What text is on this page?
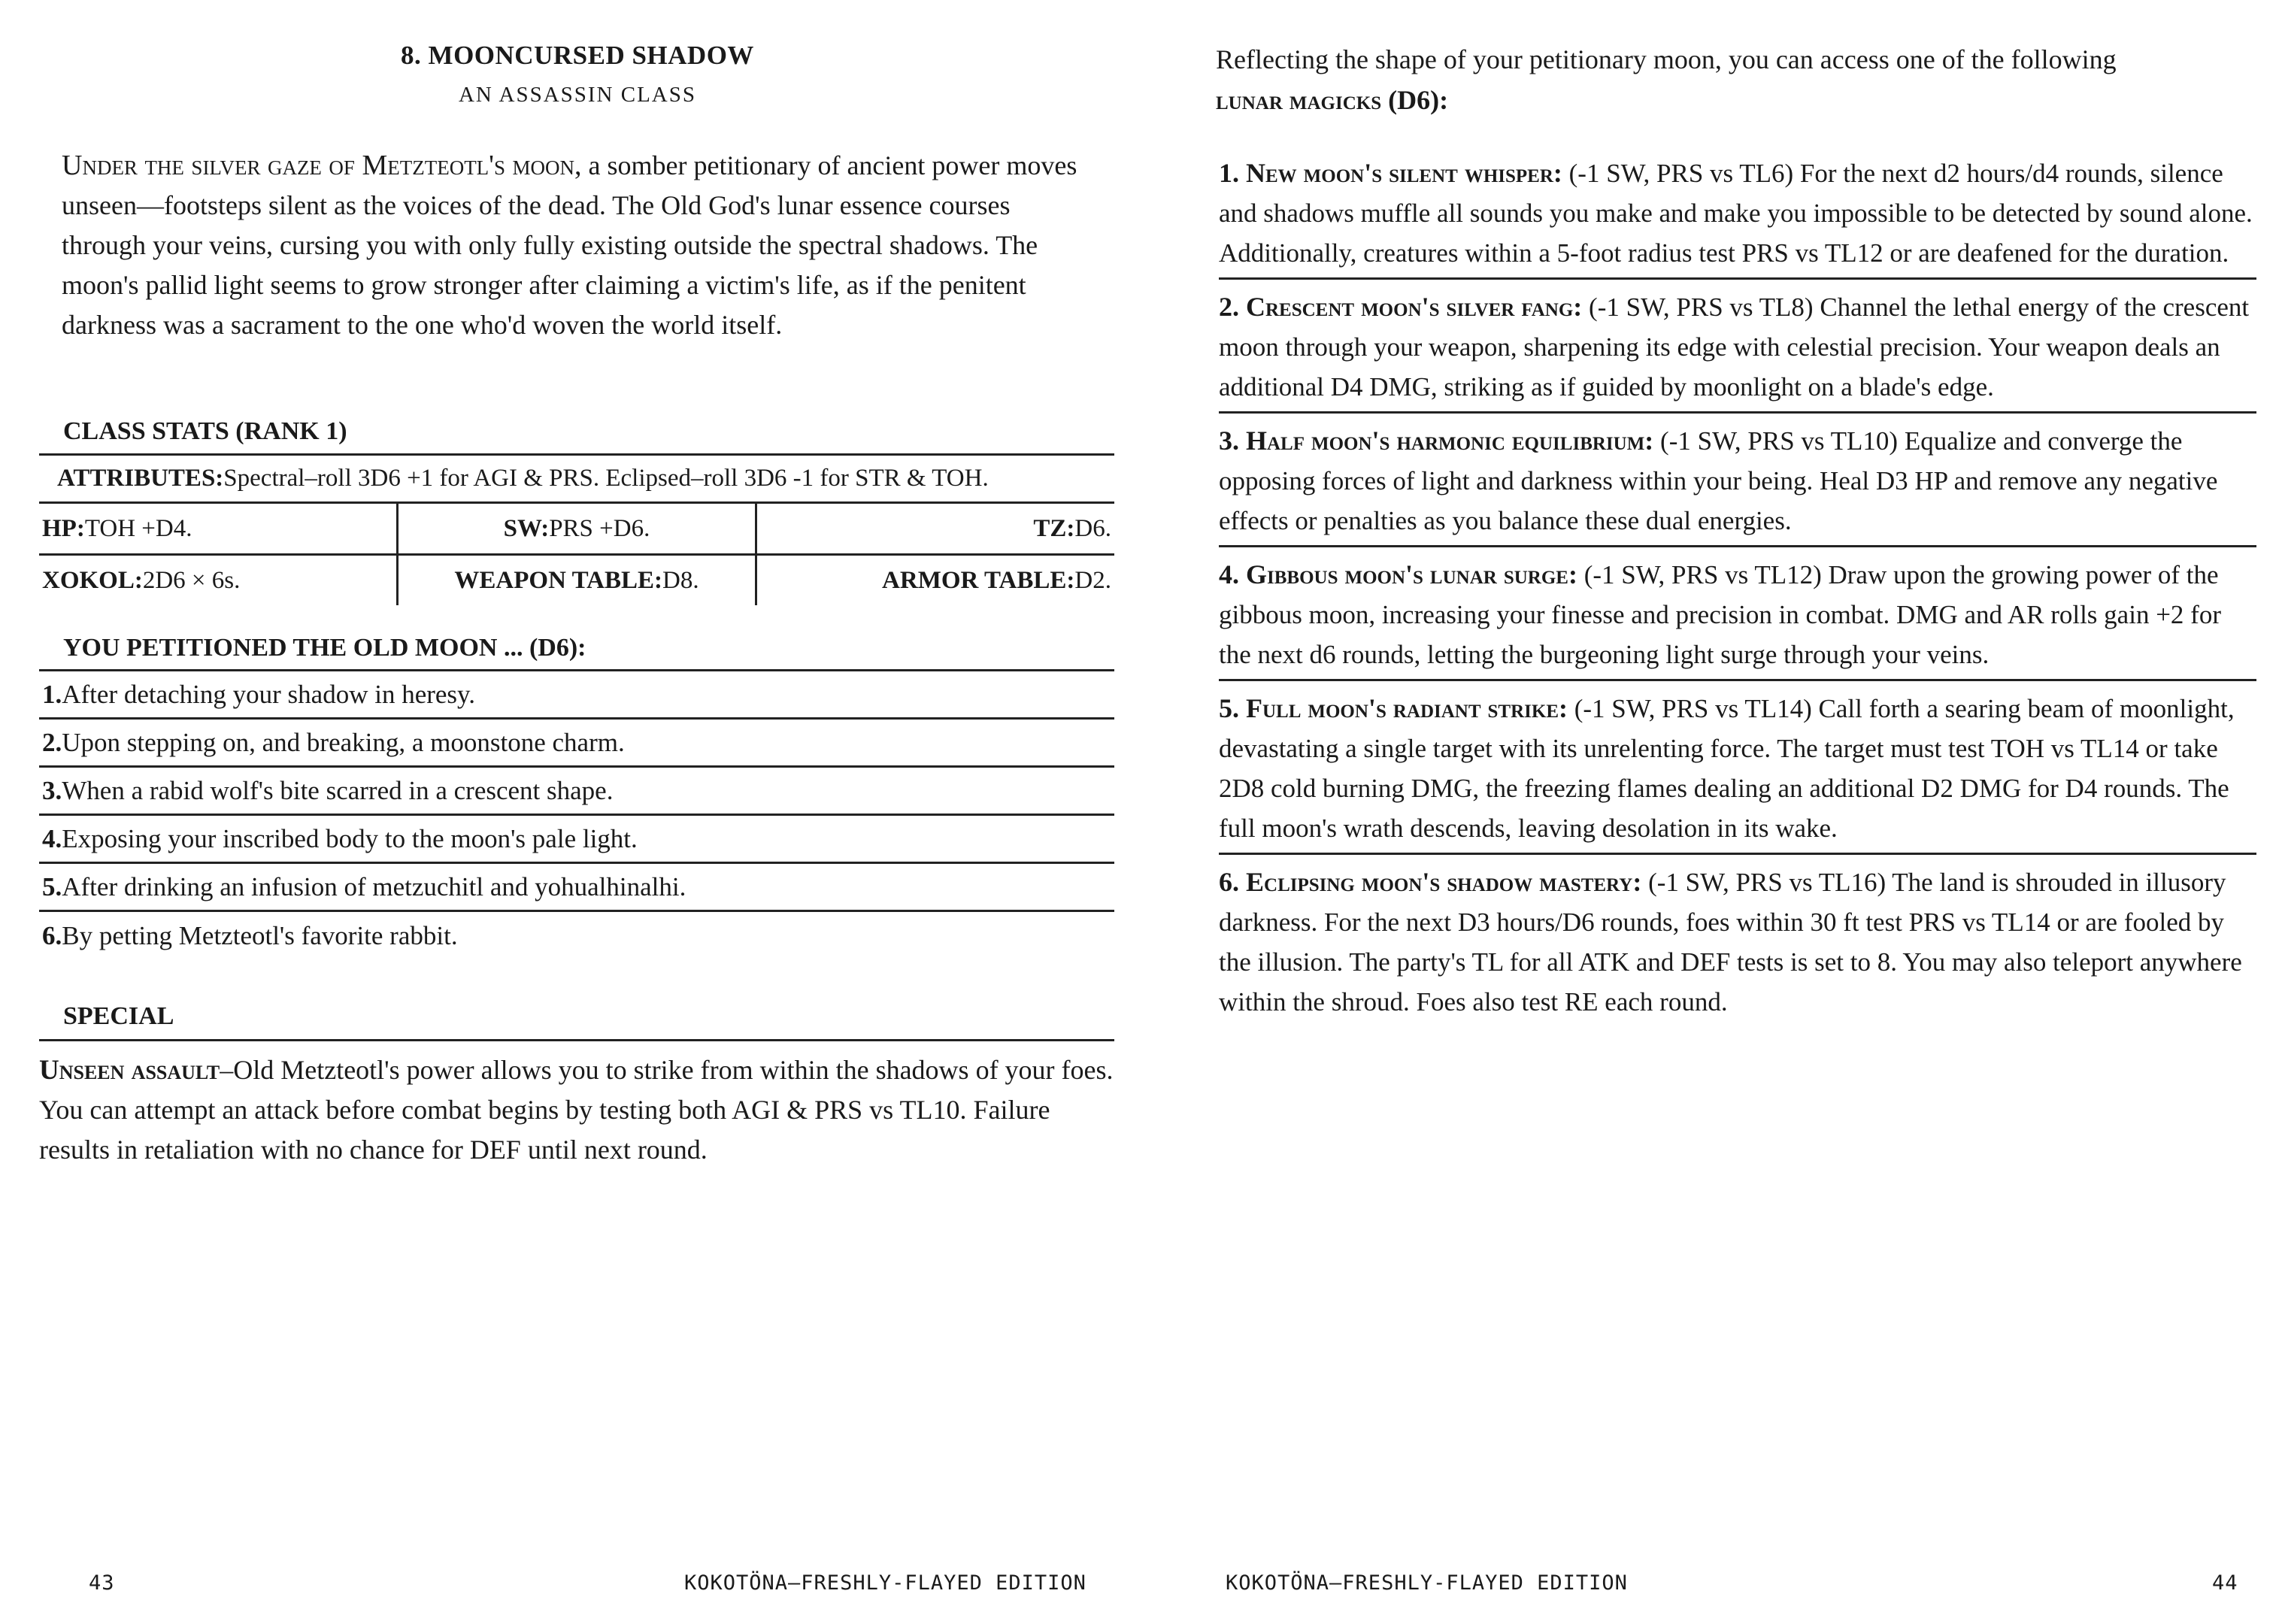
8. MOONCURSED SHADOW
AN ASSASSIN CLASS
Under the silver gaze of Metzteotl's moon, a somber petitionary of ancient power moves unseen—footsteps silent as the voices of the dead. The Old God's lunar essence courses through your veins, cursing you with only fully existing outside the spectral shadows. The moon's pallid light seems to grow stronger after claiming a victim's life, as if the penitent darkness was a sacrament to the one who'd woven the world itself.
CLASS STATS (RANK 1)
ATTRIBUTES: Spectral–roll 3D6 +1 for AGI & PRS. Eclipsed–roll 3D6 -1 for STR & TOH.
HP: TOH +D4.	SW: PRS +D6.	TZ: D6.
XOKOL: 2D6 × 6s.	WEAPON TABLE: D8.	ARMOR TABLE: D2.
YOU PETITIONED THE OLD MOON ... (D6):
1. After detaching your shadow in heresy.
2. Upon stepping on, and breaking, a moonstone charm.
3. When a rabid wolf's bite scarred in a crescent shape.
4. Exposing your inscribed body to the moon's pale light.
5. After drinking an infusion of metzuchitl and yohualhinalhi.
6. By petting Metzteotl's favorite rabbit.
SPECIAL
Unseen assault–Old Metzteotl's power allows you to strike from within the shadows of your foes. You can attempt an attack before combat begins by testing both AGI & PRS vs TL10. Failure results in retaliation with no chance for DEF until next round.
43	KOKOTÖNA—FRESHLY-FLAYED EDITION
Reflecting the shape of your petitionary moon, you can access one of the following
lunar magicks (D6):
1. New moon's silent whisper: (-1 SW, PRS vs TL6) For the next d2 hours/d4 rounds, silence and shadows muffle all sounds you make and make you impossible to be detected by sound alone. Additionally, creatures within a 5-foot radius test PRS vs TL12 or are deafened for the duration.
2. Crescent moon's silver fang: (-1 SW, PRS vs TL8) Channel the lethal energy of the crescent moon through your weapon, sharpening its edge with celestial precision. Your weapon deals an additional D4 DMG, striking as if guided by moonlight on a blade's edge.
3. Half moon's harmonic equilibrium: (-1 SW, PRS vs TL10) Equalize and converge the opposing forces of light and darkness within your being. Heal D3 HP and remove any negative effects or penalties as you balance these dual energies.
4. Gibbous moon's lunar surge: (-1 SW, PRS vs TL12) Draw upon the growing power of the gibbous moon, increasing your finesse and precision in combat. DMG and AR rolls gain +2 for the next d6 rounds, letting the burgeoning light surge through your veins.
5. Full moon's radiant strike: (-1 SW, PRS vs TL14) Call forth a searing beam of moonlight, devastating a single target with its unrelenting force. The target must test TOH vs TL14 or take 2D8 cold burning DMG, the freezing flames dealing an additional D2 DMG for D4 rounds. The full moon's wrath descends, leaving desolation in its wake.
6. Eclipsing moon's shadow mastery: (-1 SW, PRS vs TL16) The land is shrouded in illusory darkness. For the next D3 hours/D6 rounds, foes within 30 ft test PRS vs TL14 or are fooled by the illusion. The party's TL for all ATK and DEF tests is set to 8. You may also teleport anywhere within the shroud. Foes also test RE each round.
KOKOTÖNA—FRESHLY-FLAYED EDITION	44
